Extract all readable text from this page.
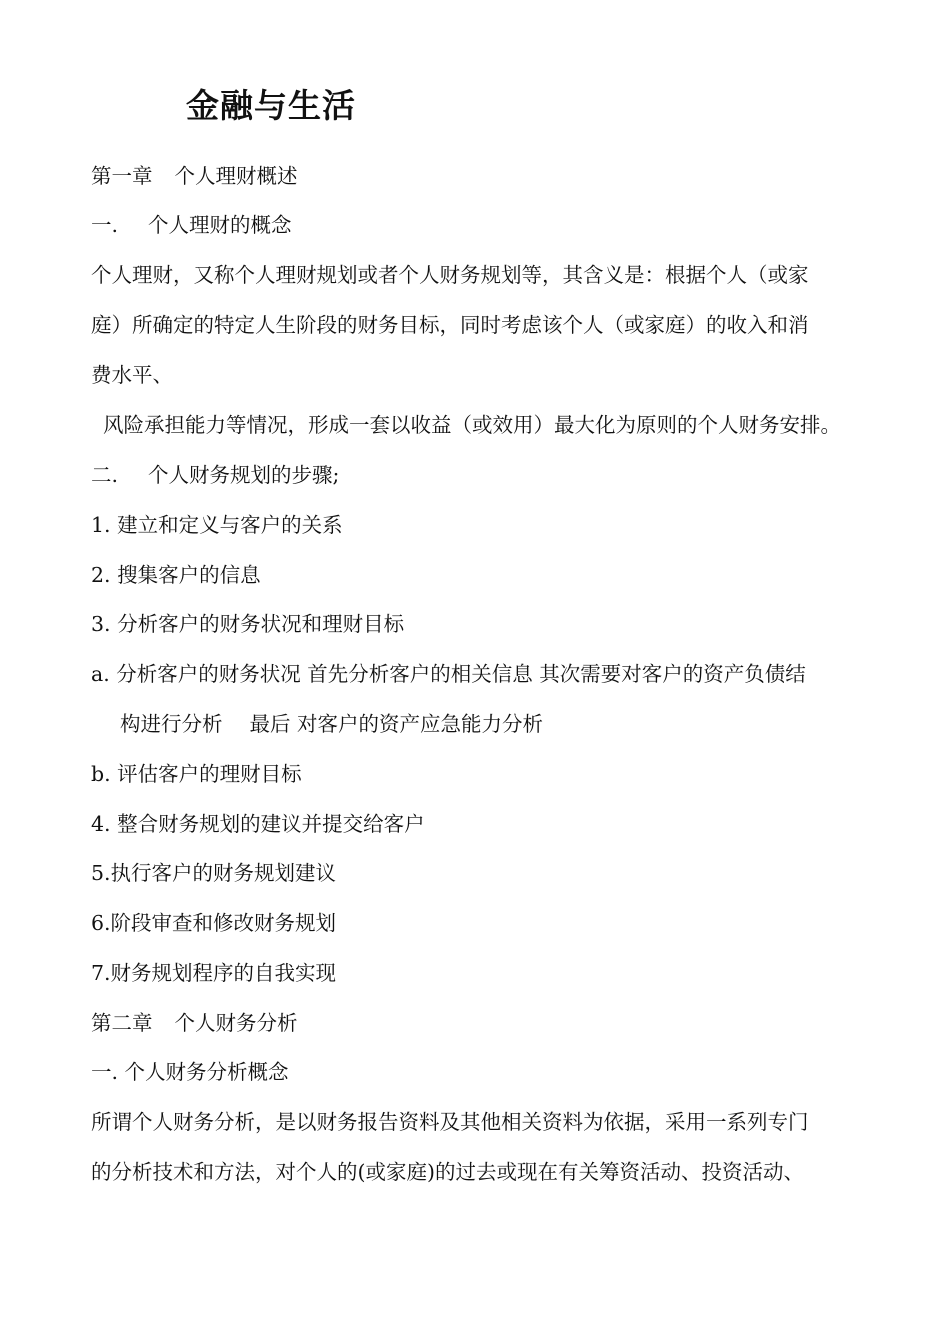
金融与生活
第一章 个人理财概述
一. 个人理财的概念
个人理财，又称个人理财规划或者个人财务规划等，其含义是：根据个人（或家
庭）所确定的特定人生阶段的财务目标，同时考虑该个人（或家庭）的收入和消
费水平、
风险承担能力等情况，形成一套以收益（或效用）最大化为原则的个人财务安排。
二. 个人财务规划的步骤;
1. 建立和定义与客户的关系
2. 搜集客户的信息
3. 分析客户的财务状况和理财目标
a. 分析客户的财务状况 首先分析客户的相关信息 其次需要对客户的资产负债结
构进行分析　 最后 对客户的资产应急能力分析
b. 评估客户的理财目标
4. 整合财务规划的建议并提交给客户
5.执行客户的财务规划建议
6.阶段审查和修改财务规划
7.财务规划程序的自我实现
第二章 个人财务分析
一. 个人财务分析概念
所谓个人财务分析，是以财务报告资料及其他相关资料为依据，采用一系列专门
的分析技术和方法，对个人的(或家庭)的过去或现在有关筹资活动、投资活动、
